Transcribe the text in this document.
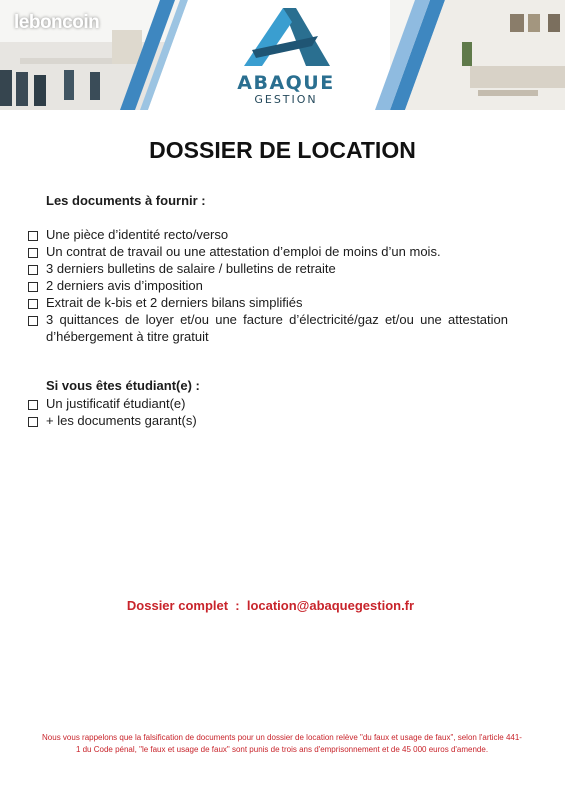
leboncoin
ABAQUE
GESTION
DOSSIER DE LOCATION
Les documents à fournir :
Une pièce d’identité recto/verso
Un contrat de travail ou une attestation d’emploi de moins d’un mois.
3 derniers bulletins de salaire / bulletins de retraite
2 derniers avis d’imposition
Extrait de k-bis et 2 derniers bilans simplifiés
3 quittances de loyer et/ou une facture d’électricité/gaz et/ou une attestation d’hébergement à titre gratuit
Si vous êtes étudiant(e) :
Un justificatif étudiant(e)
+ les documents garant(s)
Dossier complet  :  location@abaquegestion.fr
Nous vous rappelons que la falsification de documents pour un dossier de location relève "du faux et usage de faux", selon l'article 441-1 du Code pénal, "le faux et usage de faux" sont punis de trois ans d'emprisonnement et de 45 000 euros d'amende.
